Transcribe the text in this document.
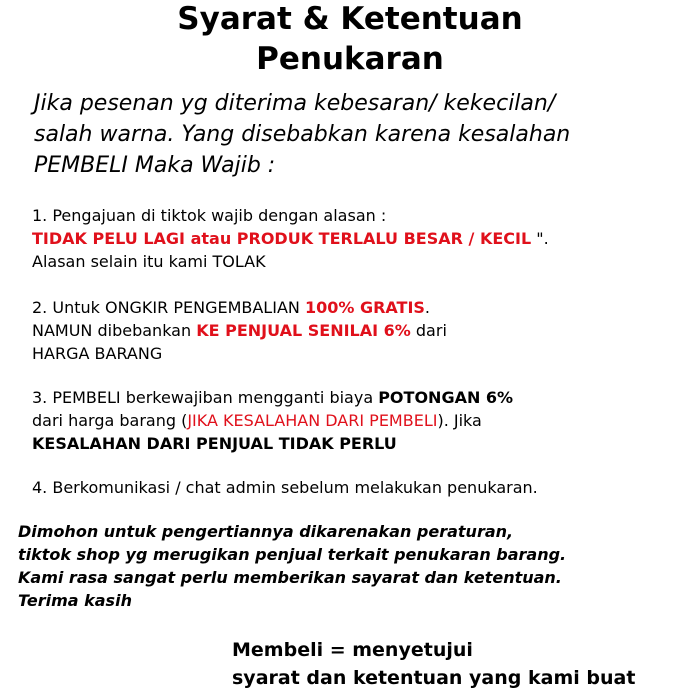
Syarat & Ketentuan
Penukaran
Jika pesenan yg diterima kebesaran/ kekecilan/
salah warna. Yang disebabkan karena kesalahan
PEMBELI Maka Wajib :
1. Pengajuan di tiktok wajib dengan alasan :
TIDAK PELU LAGI atau PRODUK TERLALU BESAR / KECIL ".
Alasan selain itu kami TOLAK
2. Untuk ONGKIR PENGEMBALIAN 100% GRATIS.
NAMUN dibebankan KE PENJUAL SENILAI 6% dari
HARGA BARANG
3. PEMBELI berkewajiban mengganti biaya POTONGAN 6%
dari harga barang (JIKA KESALAHAN DARI PEMBELI). Jika
KESALAHAN DARI PENJUAL TIDAK PERLU
4. Berkomunikasi / chat admin sebelum melakukan penukaran.
Dimohon untuk pengertiannya dikarenakan peraturan,
tiktok shop yg merugikan penjual terkait penukaran barang.
Kami rasa sangat perlu memberikan sayarat dan ketentuan.
Terima kasih
Membeli = menyetujui
syarat dan ketentuan yang kami buat
